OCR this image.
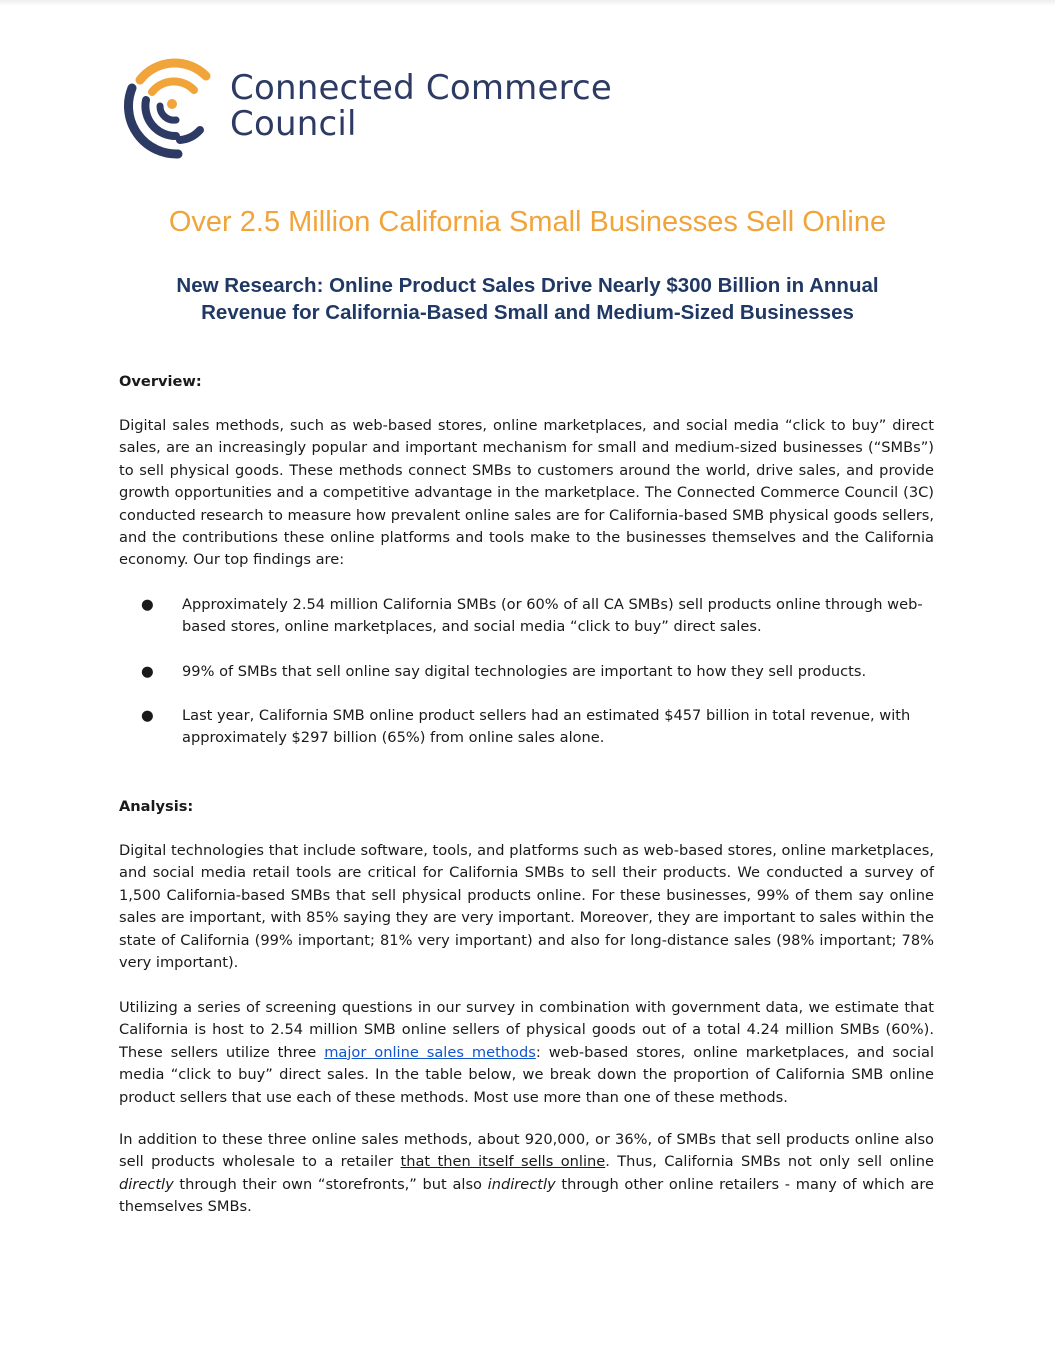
Connected Commerce
Council
Over 2.5 Million California Small Businesses Sell Online
New Research: Online Product Sales Drive Nearly $300 Billion in Annual
Revenue for California-Based Small and Medium-Sized Businesses
Overview:

Digital sales methods, such as web-based stores, online marketplaces, and social media “click to buy” direct sales, are an increasingly popular and important mechanism for small and medium-sized businesses (“SMBs”) to sell physical goods. These methods connect SMBs to customers around the world, drive sales, and provide growth opportunities and a competitive advantage in the marketplace. The Connected Commerce Council (3C) conducted research to measure how prevalent online sales are for California-based SMB physical goods sellers, and the contributions these online platforms and tools make to the businesses themselves and the California economy. Our top findings are:

● Approximately 2.54 million California SMBs (or 60% of all CA SMBs) sell products online through web-based stores, online marketplaces, and social media “click to buy” direct sales.
● 99% of SMBs that sell online say digital technologies are important to how they sell products.
● Last year, California SMB online product sellers had an estimated $457 billion in total revenue, with approximately $297 billion (65%) from online sales alone.
Analysis:

Digital technologies that include software, tools, and platforms such as web-based stores, online marketplaces, and social media retail tools are critical for California SMBs to sell their products. We conducted a survey of 1,500 California-based SMBs that sell physical products online. For these businesses, 99% of them say online sales are important, with 85% saying they are very important. Moreover, they are important to sales within the state of California (99% important; 81% very important) and also for long-distance sales (98% important; 78% very important).

Utilizing a series of screening questions in our survey in combination with government data, we estimate that California is host to 2.54 million SMB online sellers of physical goods out of a total 4.24 million SMBs (60%). These sellers utilize three major online sales methods: web-based stores, online marketplaces, and social media “click to buy” direct sales. In the table below, we break down the proportion of California SMB online product sellers that use each of these methods. Most use more than one of these methods.

In addition to these three online sales methods, about 920,000, or 36%, of SMBs that sell products online also sell products wholesale to a retailer that then itself sells online. Thus, California SMBs not only sell online directly through their own “storefronts,” but also indirectly through other online retailers - many of which are themselves SMBs.
